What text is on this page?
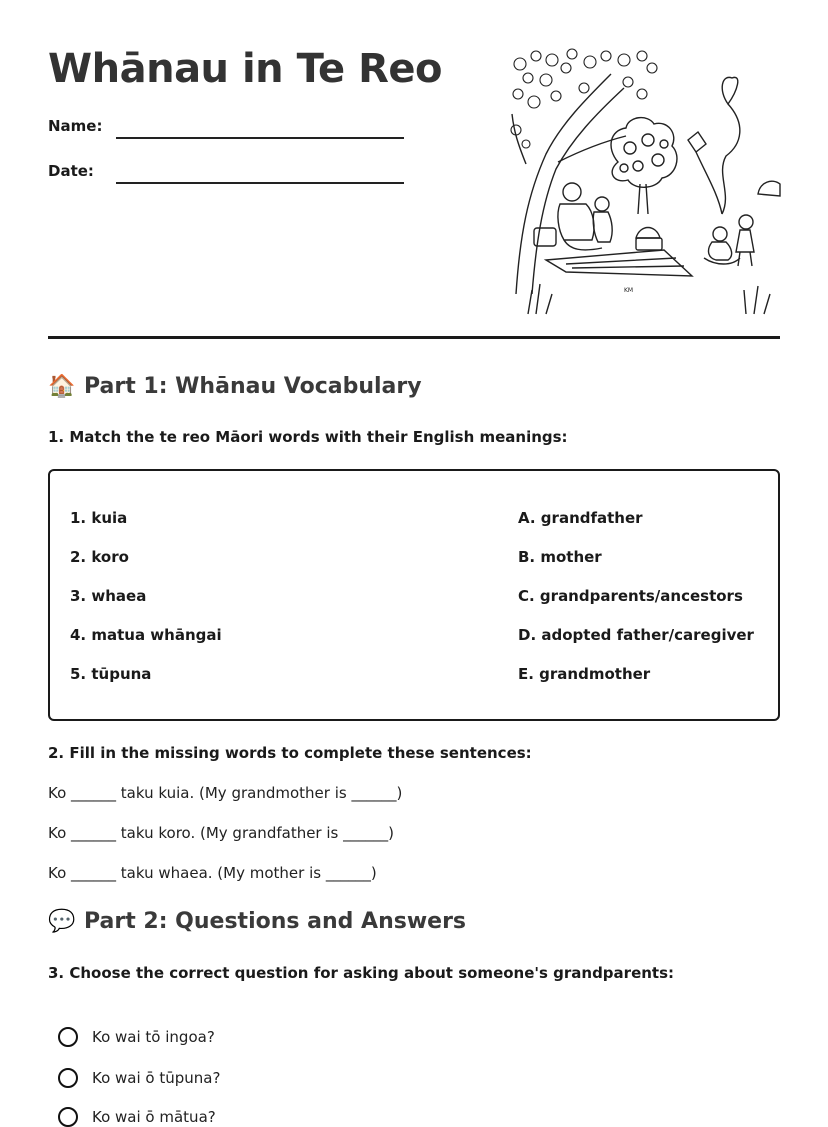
Whānau in Te Reo
Name:
Date:
KM
🏠 Part 1: Whānau Vocabulary
1. Match the te reo Māori words with their English meanings:
1. kuia
2. koro
3. whaea
4. matua whāngai
5. tūpuna
A. grandfather
B. mother
C. grandparents/ancestors
D. adopted father/caregiver
E. grandmother
2. Fill in the missing words to complete these sentences:
Ko ______ taku kuia. (My grandmother is ______)
Ko ______ taku koro. (My grandfather is ______)
Ko ______ taku whaea. (My mother is ______)
💬 Part 2: Questions and Answers
3. Choose the correct question for asking about someone's grandparents:
Ko wai tō ingoa?
Ko wai ō tūpuna?
Ko wai ō mātua?
